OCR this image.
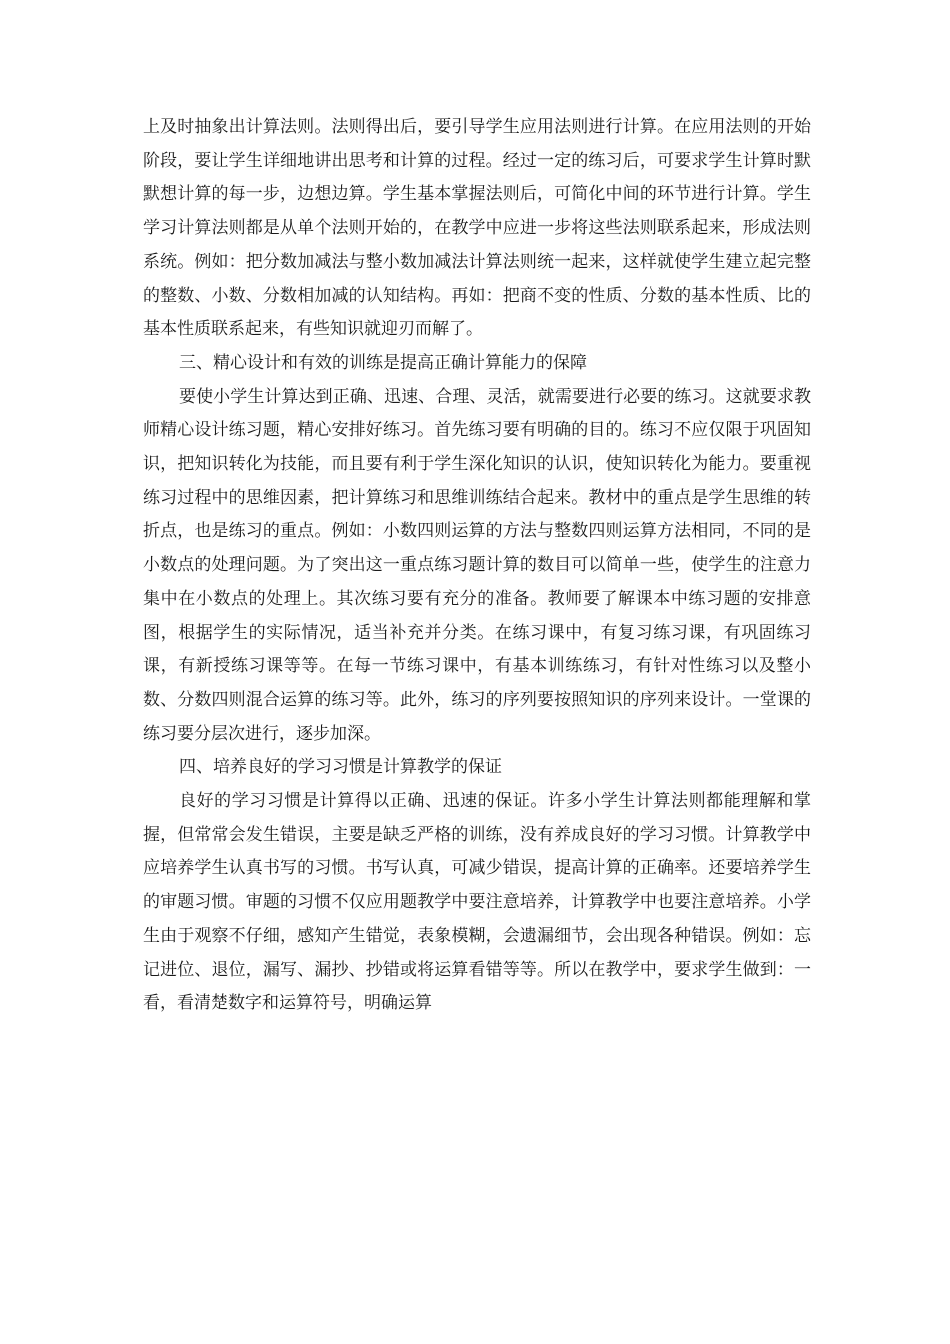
上及时抽象出计算法则。法则得出后，要引导学生应用法则进行计算。在应用法则的开始阶段，要让学生详细地讲出思考和计算的过程。经过一定的练习后，可要求学生计算时默默想计算的每一步，边想边算。学生基本掌握法则后，可简化中间的环节进行计算。学生学习计算法则都是从单个法则开始的，在教学中应进一步将这些法则联系起来，形成法则系统。例如：把分数加减法与整小数加减法计算法则统一起来，这样就使学生建立起完整的整数、小数、分数相加减的认知结构。再如：把商不变的性质、分数的基本性质、比的基本性质联系起来，有些知识就迎刃而解了。

三、精心设计和有效的训练是提高正确计算能力的保障

要使小学生计算达到正确、迅速、合理、灵活，就需要进行必要的练习。这就要求教师精心设计练习题，精心安排好练习。首先练习要有明确的目的。练习不应仅限于巩固知识，把知识转化为技能，而且要有利于学生深化知识的认识，使知识转化为能力。要重视练习过程中的思维因素，把计算练习和思维训练结合起来。教材中的重点是学生思维的转折点，也是练习的重点。例如：小数四则运算的方法与整数四则运算方法相同，不同的是小数点的处理问题。为了突出这一重点练习题计算的数目可以简单一些，使学生的注意力集中在小数点的处理上。其次练习要有充分的准备。教师要了解课本中练习题的安排意图，根据学生的实际情况，适当补充并分类。在练习课中，有复习练习课，有巩固练习课，有新授练习课等等。在每一节练习课中，有基本训练练习，有针对性练习以及整小数、分数四则混合运算的练习等。此外，练习的序列要按照知识的序列来设计。一堂课的练习要分层次进行，逐步加深。

四、培养良好的学习习惯是计算教学的保证

良好的学习习惯是计算得以正确、迅速的保证。许多小学生计算法则都能理解和掌握，但常常会发生错误，主要是缺乏严格的训练，没有养成良好的学习习惯。计算教学中应培养学生认真书写的习惯。书写认真，可减少错误，提高计算的正确率。还要培养学生的审题习惯。审题的习惯不仅应用题教学中要注意培养，计算教学中也要注意培养。小学生由于观察不仔细，感知产生错觉，表象模糊，会遗漏细节，会出现各种错误。例如：忘记进位、退位，漏写、漏抄、抄错或将运算看错等等。所以在教学中，要求学生做到：一看，看清楚数字和运算符号，明确运算
